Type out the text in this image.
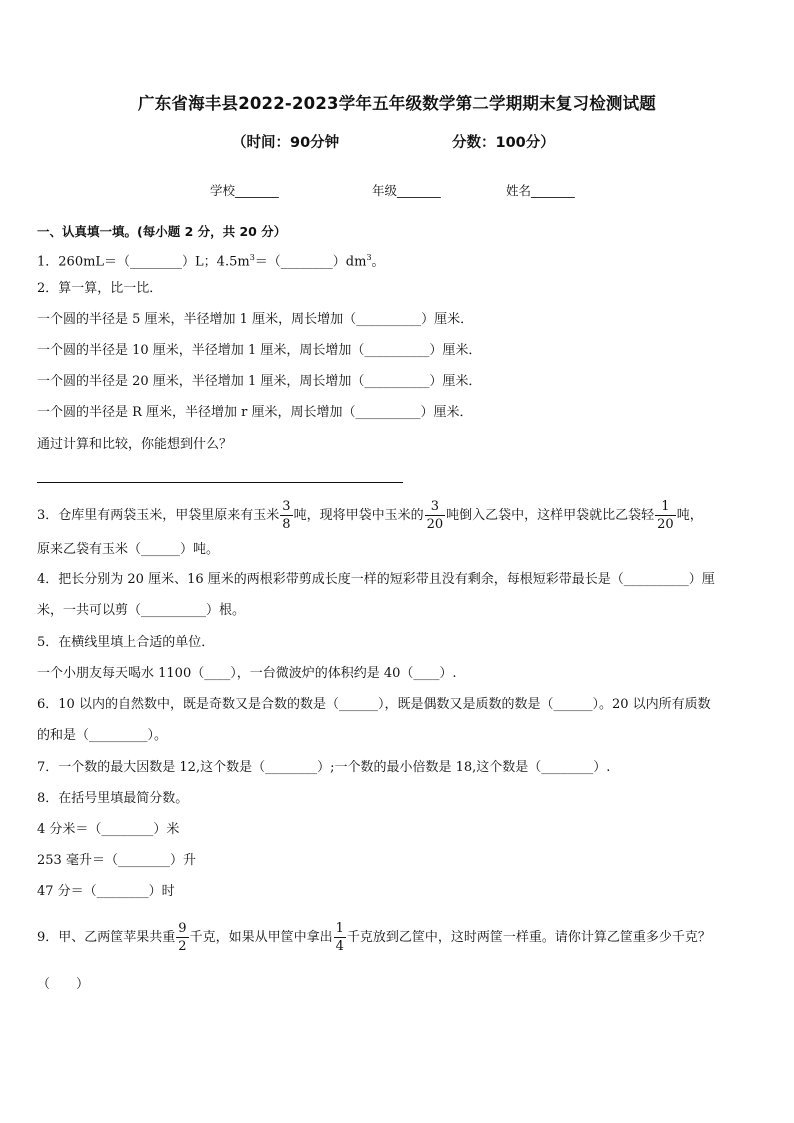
广东省海丰县2022-2023学年五年级数学第二学期期末复习检测试题
（时间：90分钟	分数：100分）
学校_______	年级_______	姓名_______
一、认真填一填。(每小题 2 分，共 20 分）
1．260mL＝（________）L；$4.5m^3=(\_\_\_\_\_\_\_\_)dm^3$。
2．算一算，比一比．
一个圆的半径是 5 厘米，半径增加 1 厘米，周长增加（__________）厘米．
一个圆的半径是 10 厘米，半径增加 1 厘米，周长增加（__________）厘米．
一个圆的半径是 20 厘米，半径增加 1 厘米，周长增加（__________）厘米．
一个圆的半径是 R 厘米，半径增加 r 厘米，周长增加（__________）厘米．
通过计算和比较，你能想到什么？
3．仓库里有两袋玉米，甲袋里原来有玉米 $\frac{3}{8}$ 吨，现将甲袋中玉米的 $\frac{3}{20}$ 吨倒入乙袋中，这样甲袋就比乙袋轻 $\frac{1}{20}$ 吨，
原来乙袋有玉米（______）吨。
4．把长分别为 20 厘米、16 厘米的两根彩带剪成长度一样的短彩带且没有剩余，每根短彩带最长是（__________）厘
米，一共可以剪（__________）根。
5．在横线里填上合适的单位．
一个小朋友每天喝水 1100（____），一台微波炉的体积约是 40（____）.
6．10 以内的自然数中，既是奇数又是合数的数是（______），既是偶数又是质数的数是（______）。20 以内所有质数
的和是（_________）。
7．一个数的最大因数是 12,这个数是（________）;一个数的最小倍数是 18,这个数是（________）.
8．在括号里填最简分数。
4 分米＝（________）米
253 毫升＝（________）升
47 分＝（________）时
9．甲、乙两筐苹果共重 $\frac{9}{2}$ 千克，如果从甲筐中拿出 $\frac{1}{4}$ 千克放到乙筐中，这时两筐一样重。请你计算乙筐重多少千克？
（　　）
